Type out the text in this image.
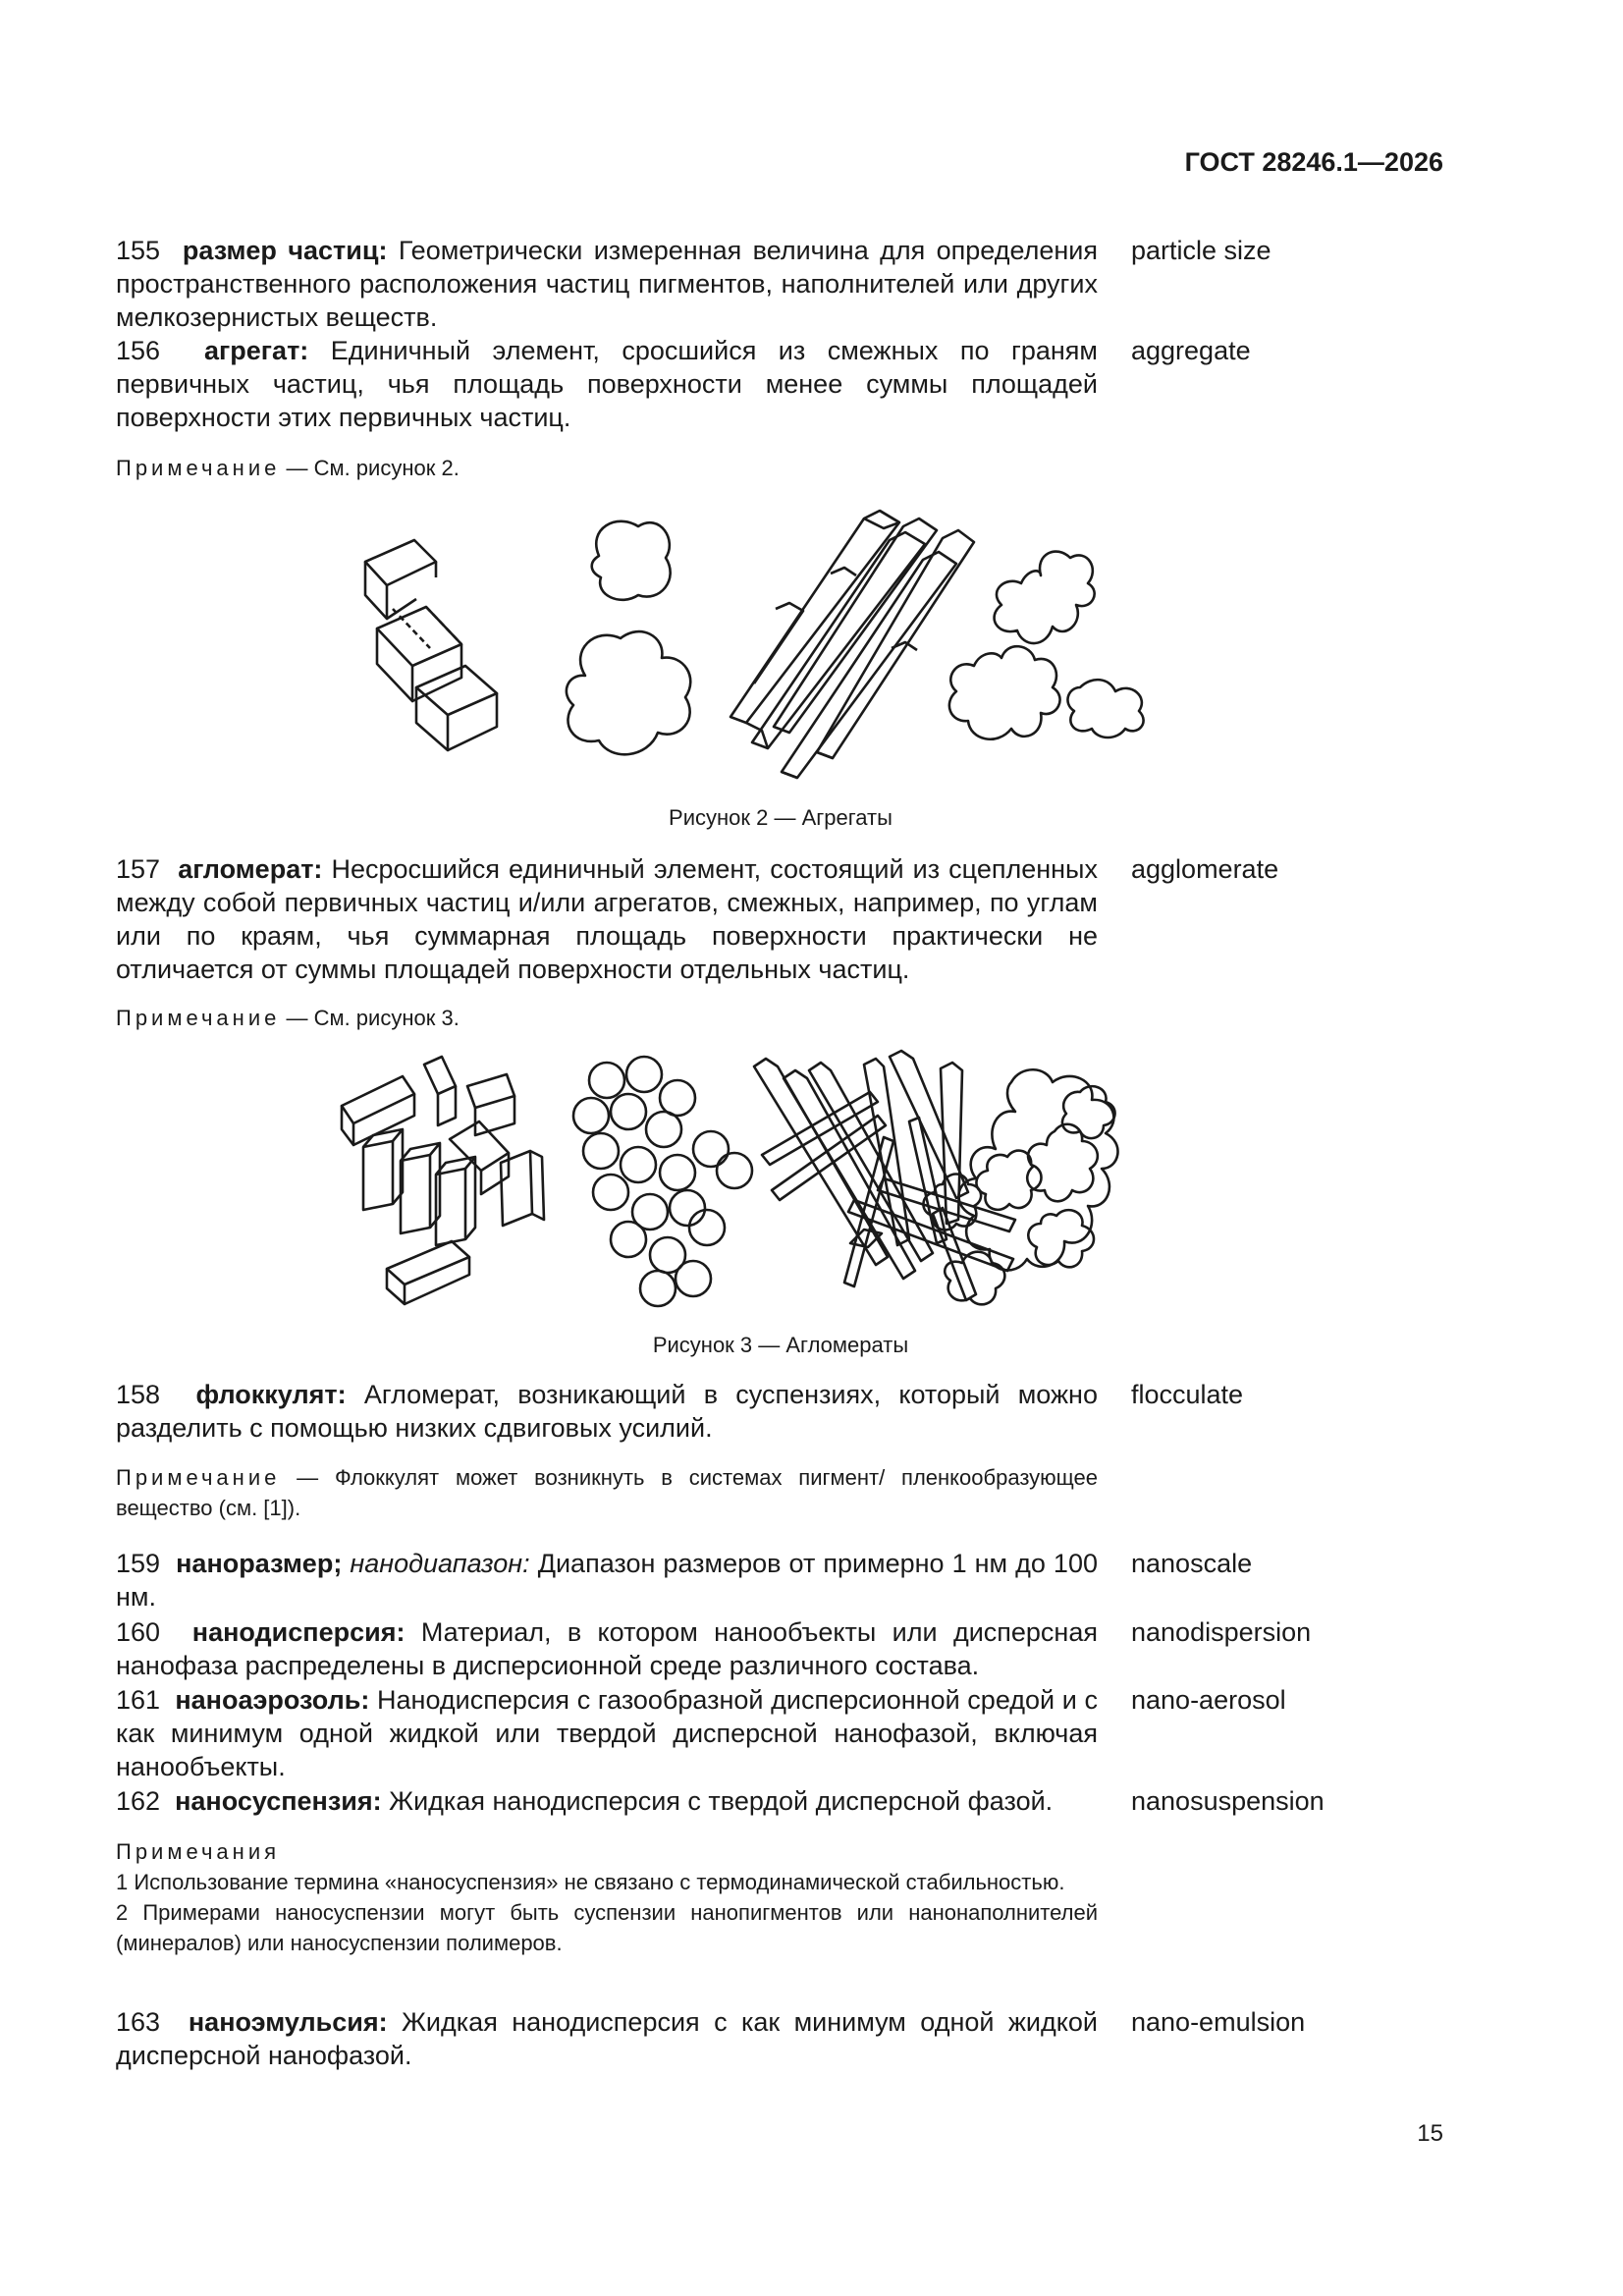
ГОСТ 28246.1—2026
155 размер частиц: Геометрически измеренная величина для определения пространственного расположения частиц пигментов, наполнителей или других мелкозернистых веществ.
particle size
156 агрегат: Единичный элемент, сросшийся из смежных по граням первичных частиц, чья площадь поверхности менее суммы площадей поверхности этих первичных частиц.
aggregate
Примечание — См. рисунок 2.
Рисунок 2 — Агрегаты
157 агломерат: Несросшийся единичный элемент, состоящий из сцепленных между собой первичных частиц и/или агрегатов, смежных, например, по углам или по краям, чья суммарная площадь поверхности практически не отличается от суммы площадей поверхности отдельных частиц.
agglomerate
Примечание — См. рисунок 3.
Рисунок 3 — Агломераты
158 флоккулят: Агломерат, возникающий в суспензиях, который можно разделить с помощью низких сдвиговых усилий.
flocculate
Примечание — Флоккулят может возникнуть в системах пигмент/ пленкообразующее вещество (см. [1]).
159 наноразмер; нанодиапазон: Диапазон размеров от примерно 1 нм до 100 нм.
nanoscale
160 нанодисперсия: Материал, в котором нанообъекты или дисперсная нанофаза распределены в дисперсионной среде различного состава.
nanodispersion
161 наноаэрозоль: Нанодисперсия с газообразной дисперсионной средой и с как минимум одной жидкой или твердой дисперсной нанофазой, включая нанообъекты.
nano-aerosol
162 наносуспензия: Жидкая нанодисперсия с твердой дисперсной фазой.	nanosuspension
Примечания
1 Использование термина «наносуспензия» не связано с термодинамической стабильностью.
2 Примерами наносуспензии могут быть суспензии нанопигментов или нанонаполнителей (минералов) или наносуспензии полимеров.
163 наноэмульсия: Жидкая нанодисперсия с как минимум одной жидкой дисперсной нанофазой.
nano-emulsion
15
